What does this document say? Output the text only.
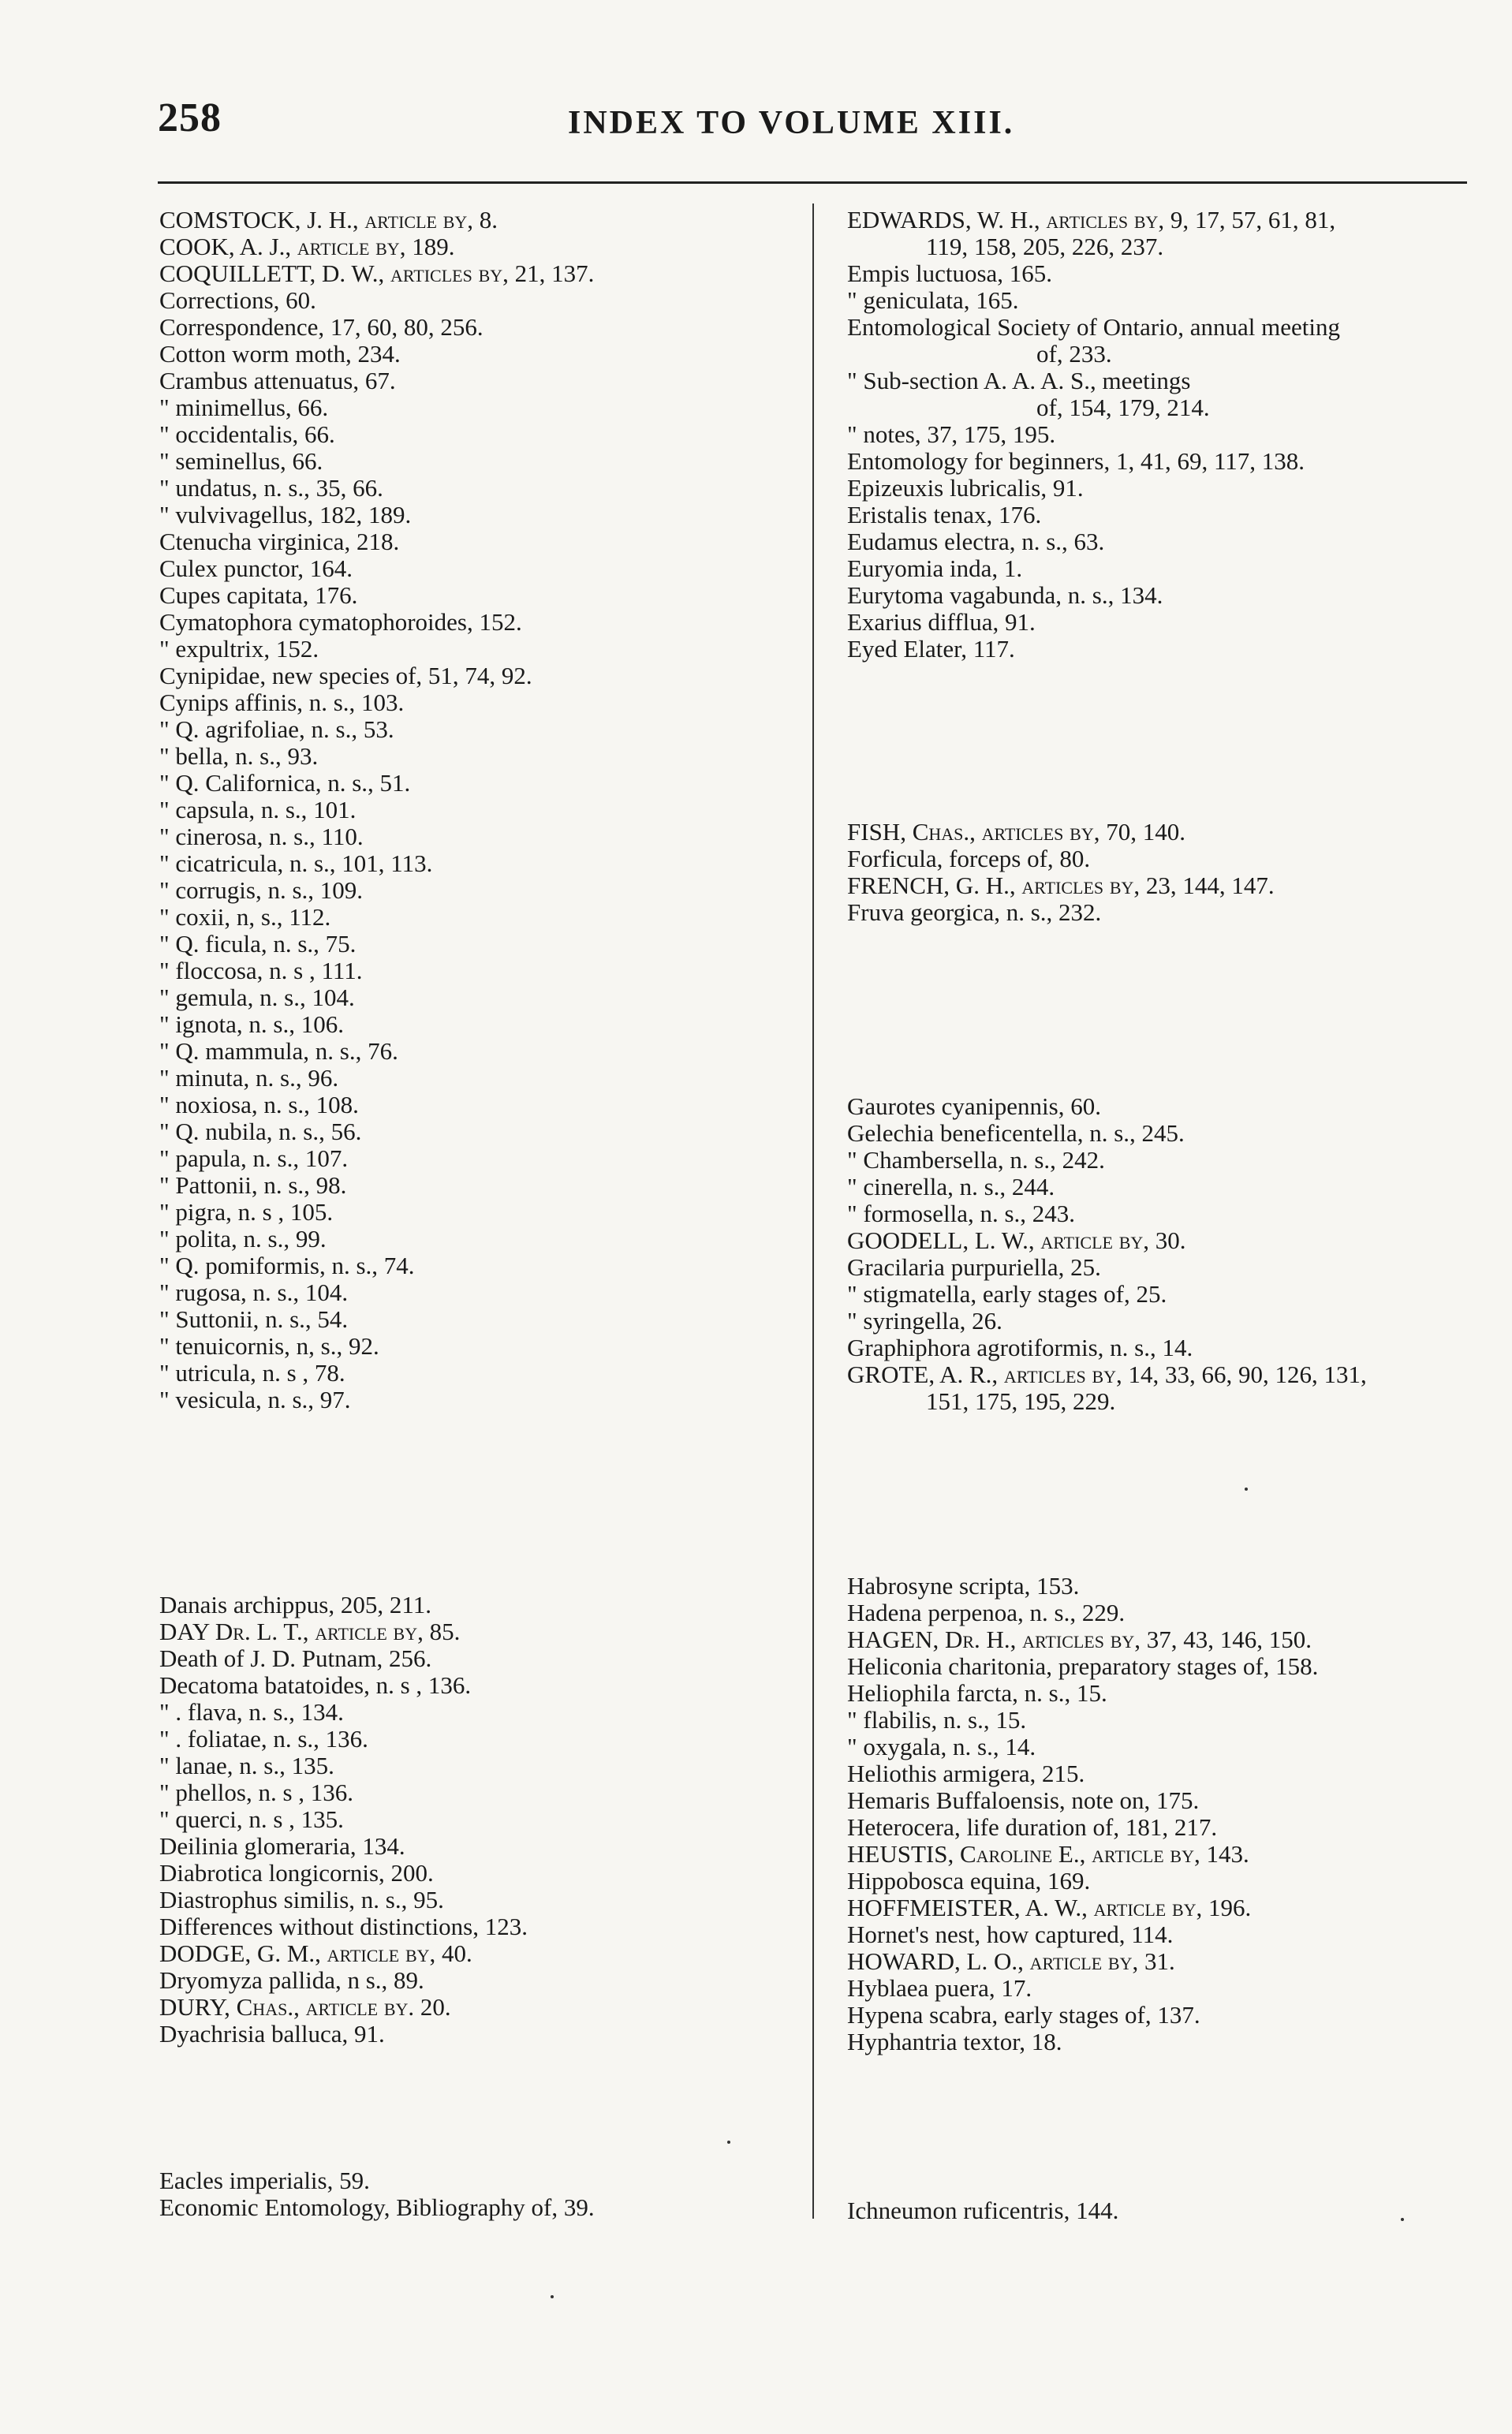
258	INDEX TO VOLUME XIII.
COMSTOCK, J. H., article by, 8.
COOK, A. J., article by, 189.
COQUILLETT, D. W., articles by, 21, 137.
Corrections, 60.
Correspondence, 17, 60, 80, 256.
Cotton worm moth, 234.
Crambus attenuatus, 67.
" minimellus, 66.
" occidentalis, 66.
" seminellus, 66.
" undatus, n. s., 35, 66.
" vulvivagellus, 182, 189.
Ctenucha virginica, 218.
Culex punctor, 164.
Cupes capitata, 176.
Cymatophora cymatophoroides, 152.
" expultrix, 152.
Cynipidae, new species of, 51, 74, 92.
Cynips affinis, n. s., 103.
" Q. agrifoliae, n. s., 53.
" bella, n. s., 93.
" Q. Californica, n. s., 51.
" capsula, n. s., 101.
" cinerosa, n. s., 110.
" cicatricula, n. s., 101, 113.
" corrugis, n. s., 109.
" coxii, n, s., 112.
" Q. ficula, n. s., 75.
" floccosa, n. s , 111.
" gemula, n. s., 104.
" ignota, n. s., 106.
" Q. mammula, n. s., 76.
" minuta, n. s., 96.
" noxiosa, n. s., 108.
" Q. nubila, n. s., 56.
" papula, n. s., 107.
" Pattonii, n. s., 98.
" pigra, n. s , 105.
" polita, n. s., 99.
" Q. pomiformis, n. s., 74.
" rugosa, n. s., 104.
" Suttonii, n. s., 54.
" tenuicornis, n, s., 92.
" utricula, n. s , 78.
" vesicula, n. s., 97.
Danais archippus, 205, 211.
DAY Dr. L. T., article by, 85.
Death of J. D. Putnam, 256.
Decatoma batatoides, n. s , 136.
" . flava, n. s., 134.
" . foliatae, n. s., 136.
" lanae, n. s., 135.
" phellos, n. s , 136.
" querci, n. s , 135.
Deilinia glomeraria, 134.
Diabrotica longicornis, 200.
Diastrophus similis, n. s., 95.
Differences without distinctions, 123.
DODGE, G. M., article by, 40.
Dryomyza pallida, n s., 89.
DURY, Chas., article by. 20.
Dyachrisia balluca, 91.
Eacles imperialis, 59.
Economic Entomology, Bibliography of, 39.
EDWARDS, W. H., articles by, 9, 17, 57, 61, 81,
119, 158, 205, 226, 237.
Empis luctuosa, 165.
" geniculata, 165.
Entomological Society of Ontario, annual meeting
of, 233.
" Sub-section A. A. A. S., meetings
of, 154, 179, 214.
" notes, 37, 175, 195.
Entomology for beginners, 1, 41, 69, 117, 138.
Epizeuxis lubricalis, 91.
Eristalis tenax, 176.
Eudamus electra, n. s., 63.
Euryomia inda, 1.
Eurytoma vagabunda, n. s., 134.
Exarius difflua, 91.
Eyed Elater, 117.
FISH, Chas., articles by, 70, 140.
Forficula, forceps of, 80.
FRENCH, G. H., articles by, 23, 144, 147.
Fruva georgica, n. s., 232.
Gaurotes cyanipennis, 60.
Gelechia beneficentella, n. s., 245.
" Chambersella, n. s., 242.
" cinerella, n. s., 244.
" formosella, n. s., 243.
GOODELL, L. W., article by, 30.
Gracilaria purpuriella, 25.
" stigmatella, early stages of, 25.
" syringella, 26.
Graphiphora agrotiformis, n. s., 14.
GROTE, A. R., articles by, 14, 33, 66, 90, 126, 131,
151, 175, 195, 229.
Habrosyne scripta, 153.
Hadena perpenoa, n. s., 229.
HAGEN, Dr. H., articles by, 37, 43, 146, 150.
Heliconia charitonia, preparatory stages of, 158.
Heliophila farcta, n. s., 15.
" flabilis, n. s., 15.
" oxygala, n. s., 14.
Heliothis armigera, 215.
Hemaris Buffaloensis, note on, 175.
Heterocera, life duration of, 181, 217.
HEUSTIS, Caroline E., article by, 143.
Hippobosca equina, 169.
HOFFMEISTER, A. W., article by, 196.
Hornet's nest, how captured, 114.
HOWARD, L. O., article by, 31.
Hyblaea puera, 17.
Hypena scabra, early stages of, 137.
Hyphantria textor, 18.
Ichneumon ruficentris, 144.
